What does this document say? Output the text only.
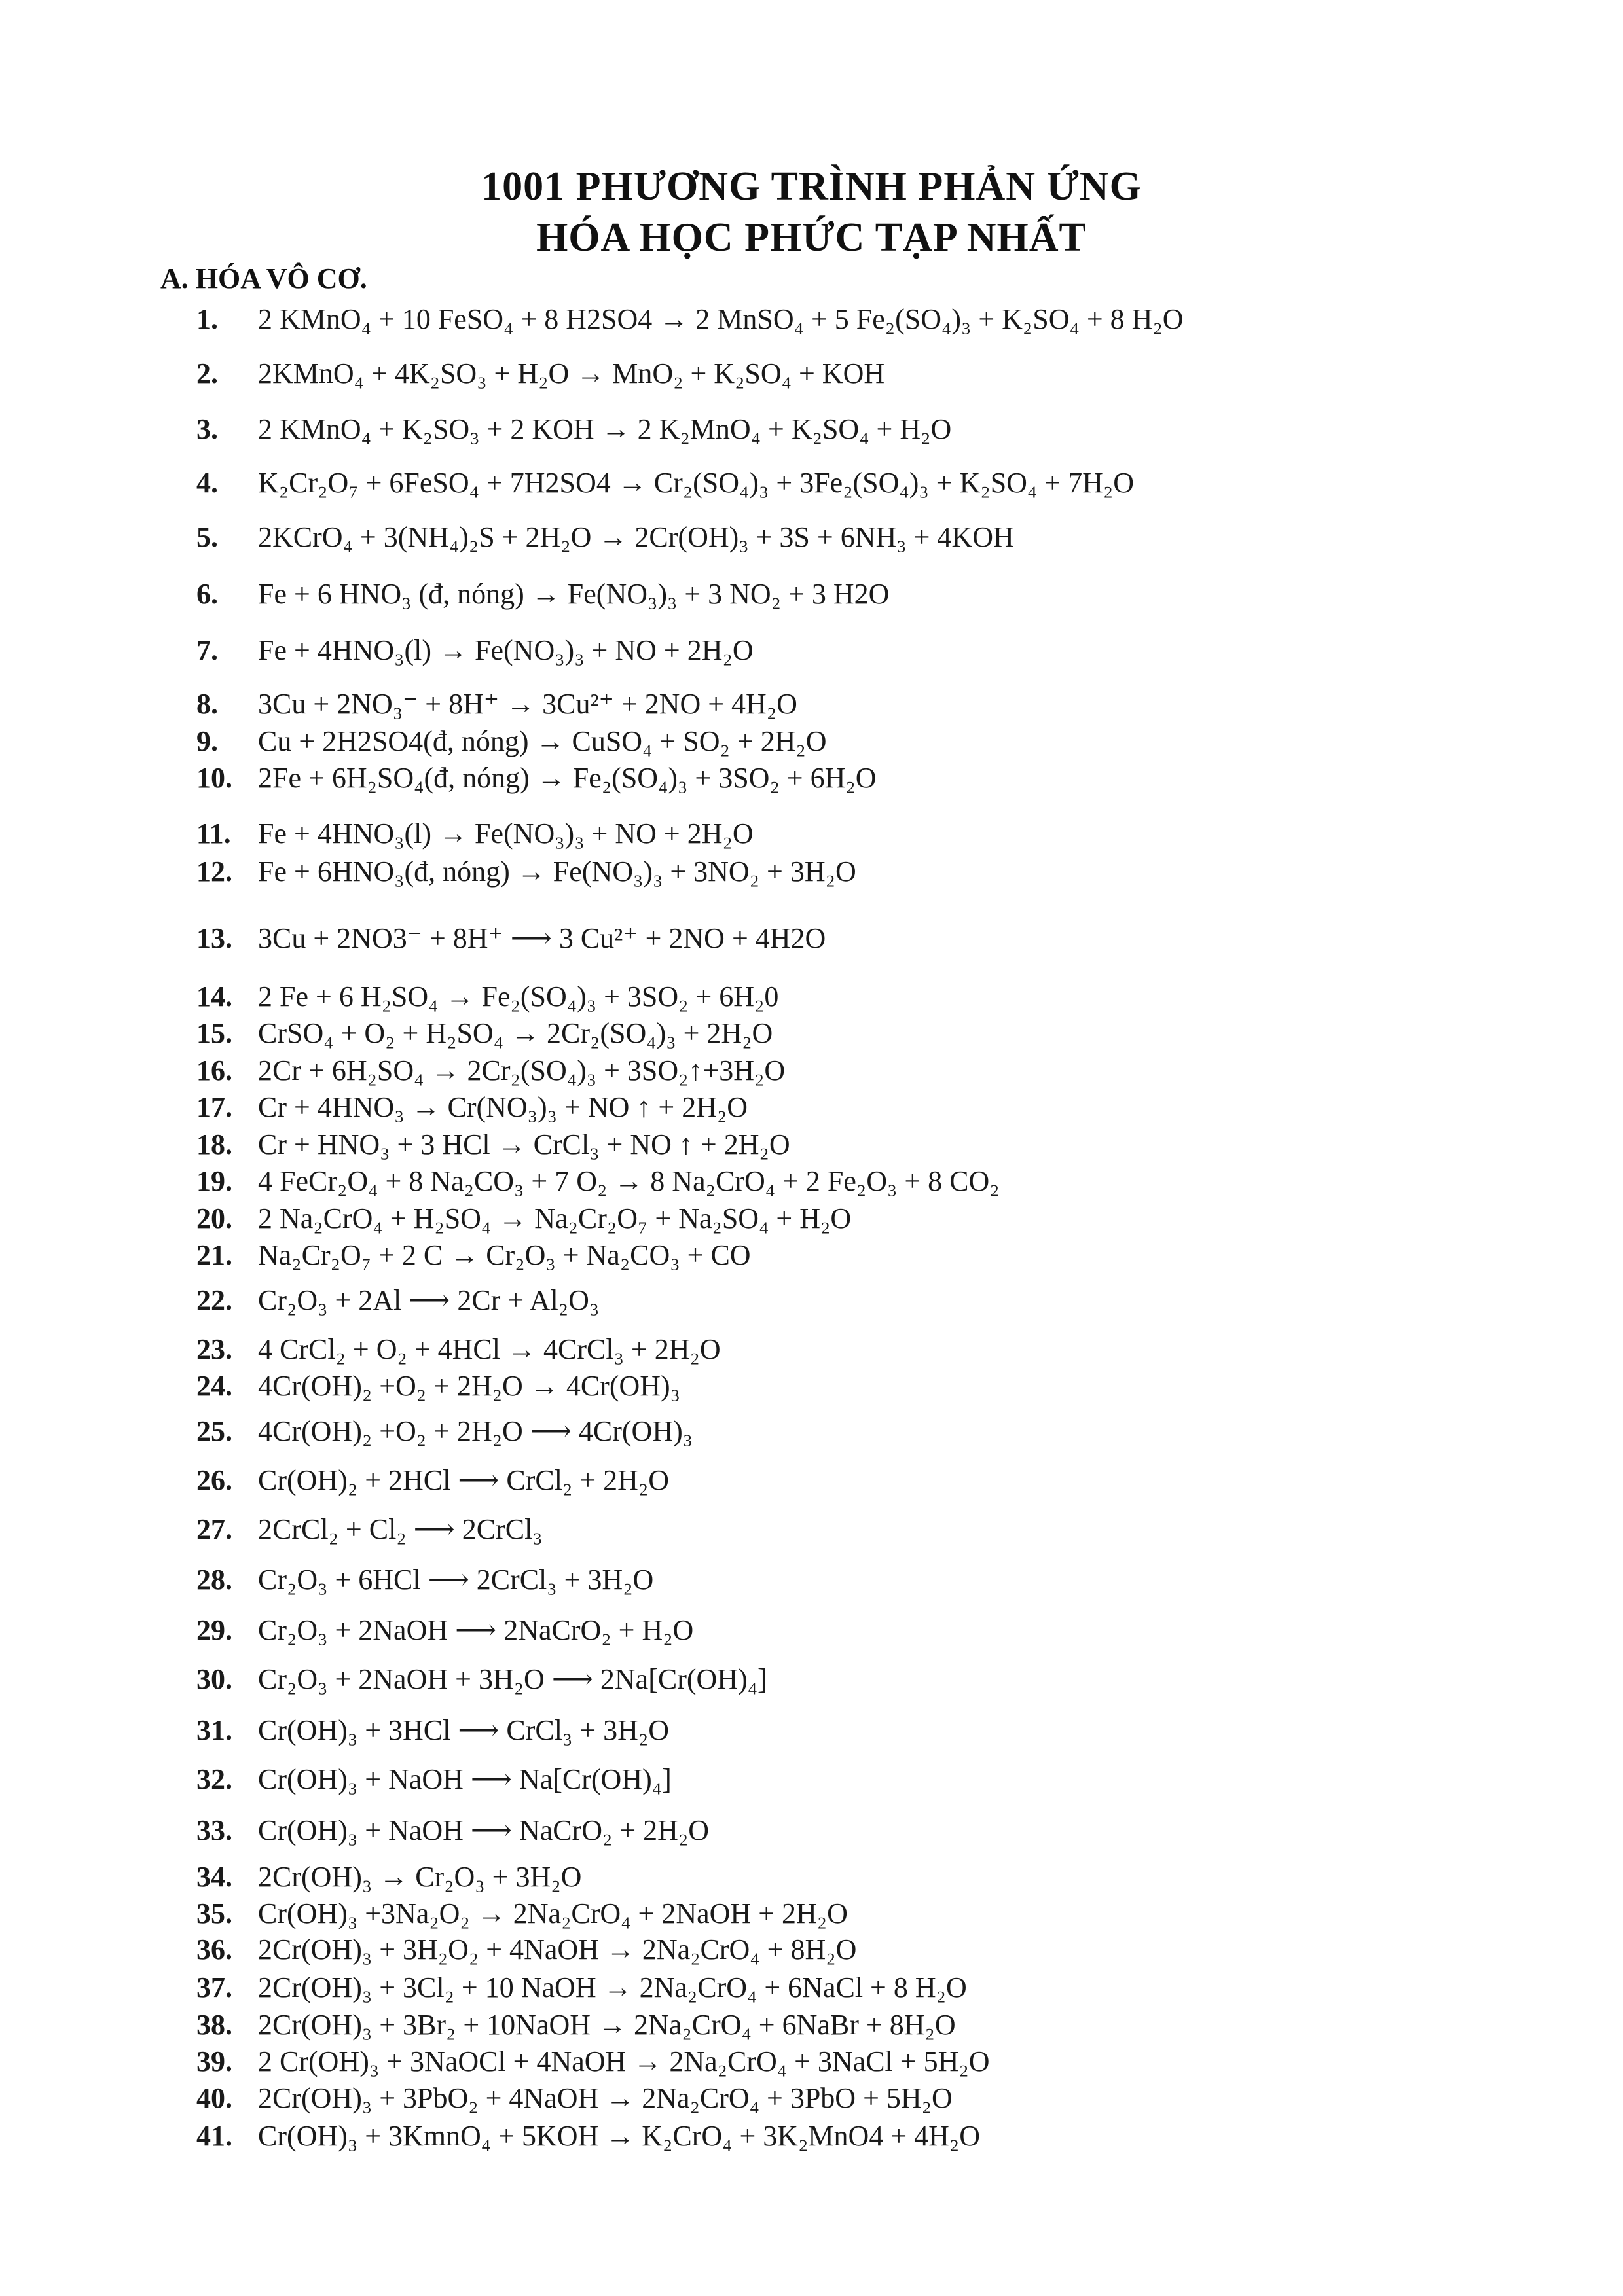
1001 PHƯƠNG TRÌNH PHẢN ỨNG
HÓA HỌC PHỨC TẠP NHẤT
A. HÓA VÔ CƠ.
1. 2 KMnO₄ + 10 FeSO₄ + 8 H2SO4 → 2 MnSO₄ + 5 Fe₂(SO₄)₃ + K₂SO₄ + 8 H₂O
2. 2KMnO₄ + 4K₂SO₃ + H₂O → MnO₂ + K₂SO₄ + KOH
3. 2 KMnO₄ + K₂SO₃ + 2 KOH → 2 K₂MnO₄ + K₂SO₄ + H₂O
4. K₂Cr₂O₇ + 6FeSO₄ + 7H2SO4 → Cr₂(SO₄)₃ + 3Fe₂(SO₄)₃ + K₂SO₄ + 7H₂O
5. 2KCrO₄ + 3(NH₄)₂S + 2H₂O → 2Cr(OH)₃ + 3S + 6NH₃ + 4KOH
6. Fe + 6 HNO₃ (đ, nóng) → Fe(NO₃)₃ + 3 NO₂ + 3 H2O
7. Fe + 4HNO₃(l) → Fe(NO₃)₃ + NO + 2H₂O
8. 3Cu + 2NO₃⁻ + 8H⁺ → 3Cu²⁺ + 2NO + 4H₂O
9. Cu + 2H2SO4(đ, nóng) → CuSO₄ + SO₂ + 2H₂O
10. 2Fe + 6H₂SO₄(đ, nóng) → Fe₂(SO₄)₃ + 3SO₂ + 6H₂O
11. Fe + 4HNO₃(l) → Fe(NO₃)₃ + NO + 2H₂O
12. Fe + 6HNO₃(đ, nóng) → Fe(NO₃)₃ + 3NO₂ + 3H₂O
13. 3Cu + 2NO3⁻ + 8H⁺ ⟶ 3 Cu²⁺ + 2NO + 4H2O
14. 2 Fe + 6 H₂SO₄ → Fe₂(SO₄)₃ + 3SO₂ + 6H₂0
15. CrSO₄ + O₂ + H₂SO₄ → 2Cr₂(SO₄)₃ + 2H₂O
16. 2Cr + 6H₂SO₄ → 2Cr₂(SO₄)₃ + 3SO₂↑+3H₂O
17. Cr + 4HNO₃ → Cr(NO₃)₃ + NO ↑ + 2H₂O
18. Cr + HNO₃ + 3 HCl → CrCl₃ + NO ↑ + 2H₂O
19. 4 FeCr₂O₄ + 8 Na₂CO₃ + 7 O₂ → 8 Na₂CrO₄ + 2 Fe₂O₃ + 8 CO₂
20. 2 Na₂CrO₄ + H₂SO₄ → Na₂Cr₂O₇ + Na₂SO₄ + H₂O
21. Na₂Cr₂O₇ + 2 C → Cr₂O₃ + Na₂CO₃ + CO
22. Cr₂O₃ + 2Al ⟶ 2Cr + Al₂O₃
23. 4 CrCl₂ + O₂ + 4HCl → 4CrCl₃ + 2H₂O
24. 4Cr(OH)₂ +O₂ + 2H₂O → 4Cr(OH)₃
25. 4Cr(OH)₂ +O₂ + 2H₂O ⟶ 4Cr(OH)₃
26. Cr(OH)₂ + 2HCl ⟶ CrCl₂ + 2H₂O
27. 2CrCl₂ + Cl₂ ⟶ 2CrCl₃
28. Cr₂O₃ + 6HCl ⟶ 2CrCl₃ + 3H₂O
29. Cr₂O₃ + 2NaOH ⟶ 2NaCrO₂ + H₂O
30. Cr₂O₃ + 2NaOH + 3H₂O ⟶ 2Na[Cr(OH)₄]
31. Cr(OH)₃ + 3HCl ⟶ CrCl₃ + 3H₂O
32. Cr(OH)₃ + NaOH ⟶ Na[Cr(OH)₄]
33. Cr(OH)₃ + NaOH ⟶ NaCrO₂ + 2H₂O
34. 2Cr(OH)₃ → Cr₂O₃ + 3H₂O
35. Cr(OH)₃ +3Na₂O₂ → 2Na₂CrO₄ + 2NaOH + 2H₂O
36. 2Cr(OH)₃ + 3H₂O₂ + 4NaOH → 2Na₂CrO₄ + 8H₂O
37. 2Cr(OH)₃ + 3Cl₂ + 10 NaOH → 2Na₂CrO₄ + 6NaCl + 8 H₂O
38. 2Cr(OH)₃ + 3Br₂ + 10NaOH → 2Na₂CrO₄ + 6NaBr + 8H₂O
39. 2 Cr(OH)₃ + 3NaOCl + 4NaOH → 2Na₂CrO₄ + 3NaCl + 5H₂O
40. 2Cr(OH)₃ + 3PbO₂ + 4NaOH → 2Na₂CrO₄ + 3PbO + 5H₂O
41. Cr(OH)₃ + 3KmnO₄ + 5KOH → K₂CrO₄ + 3K₂MnO4 + 4H₂O
